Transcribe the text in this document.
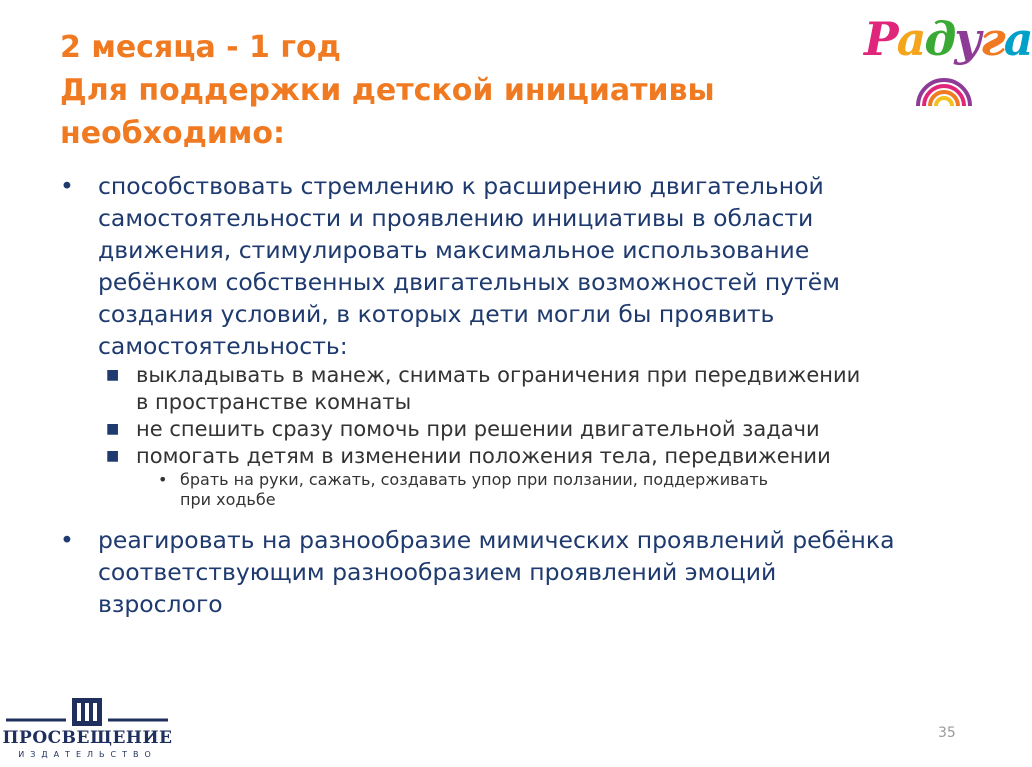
2 месяца - 1 год
Для поддержки детской инициативы
необходимо:
Радуга
• способствовать стремлению к расширению двигательной
самостоятельности и проявлению инициативы в области
движения, стимулировать максимальное использование
ребёнком собственных двигательных возможностей путём
создания условий, в которых дети могли бы проявить
самостоятельность:
■ выкладывать в манеж, снимать ограничения при передвижении
в пространстве комнаты
■ не спешить сразу помочь при решении двигательной задачи
■ помогать детям в изменении положения тела, передвижении
• брать на руки, сажать, создавать упор при ползании, поддерживать
при ходьбе
• реагировать на разнообразие мимических проявлений ребёнка
соответствующим разнообразием проявлений эмоций
взрослого
ПРОСВЕЩЕНИЕ
ИЗДАТЕЛЬСТВО
35
